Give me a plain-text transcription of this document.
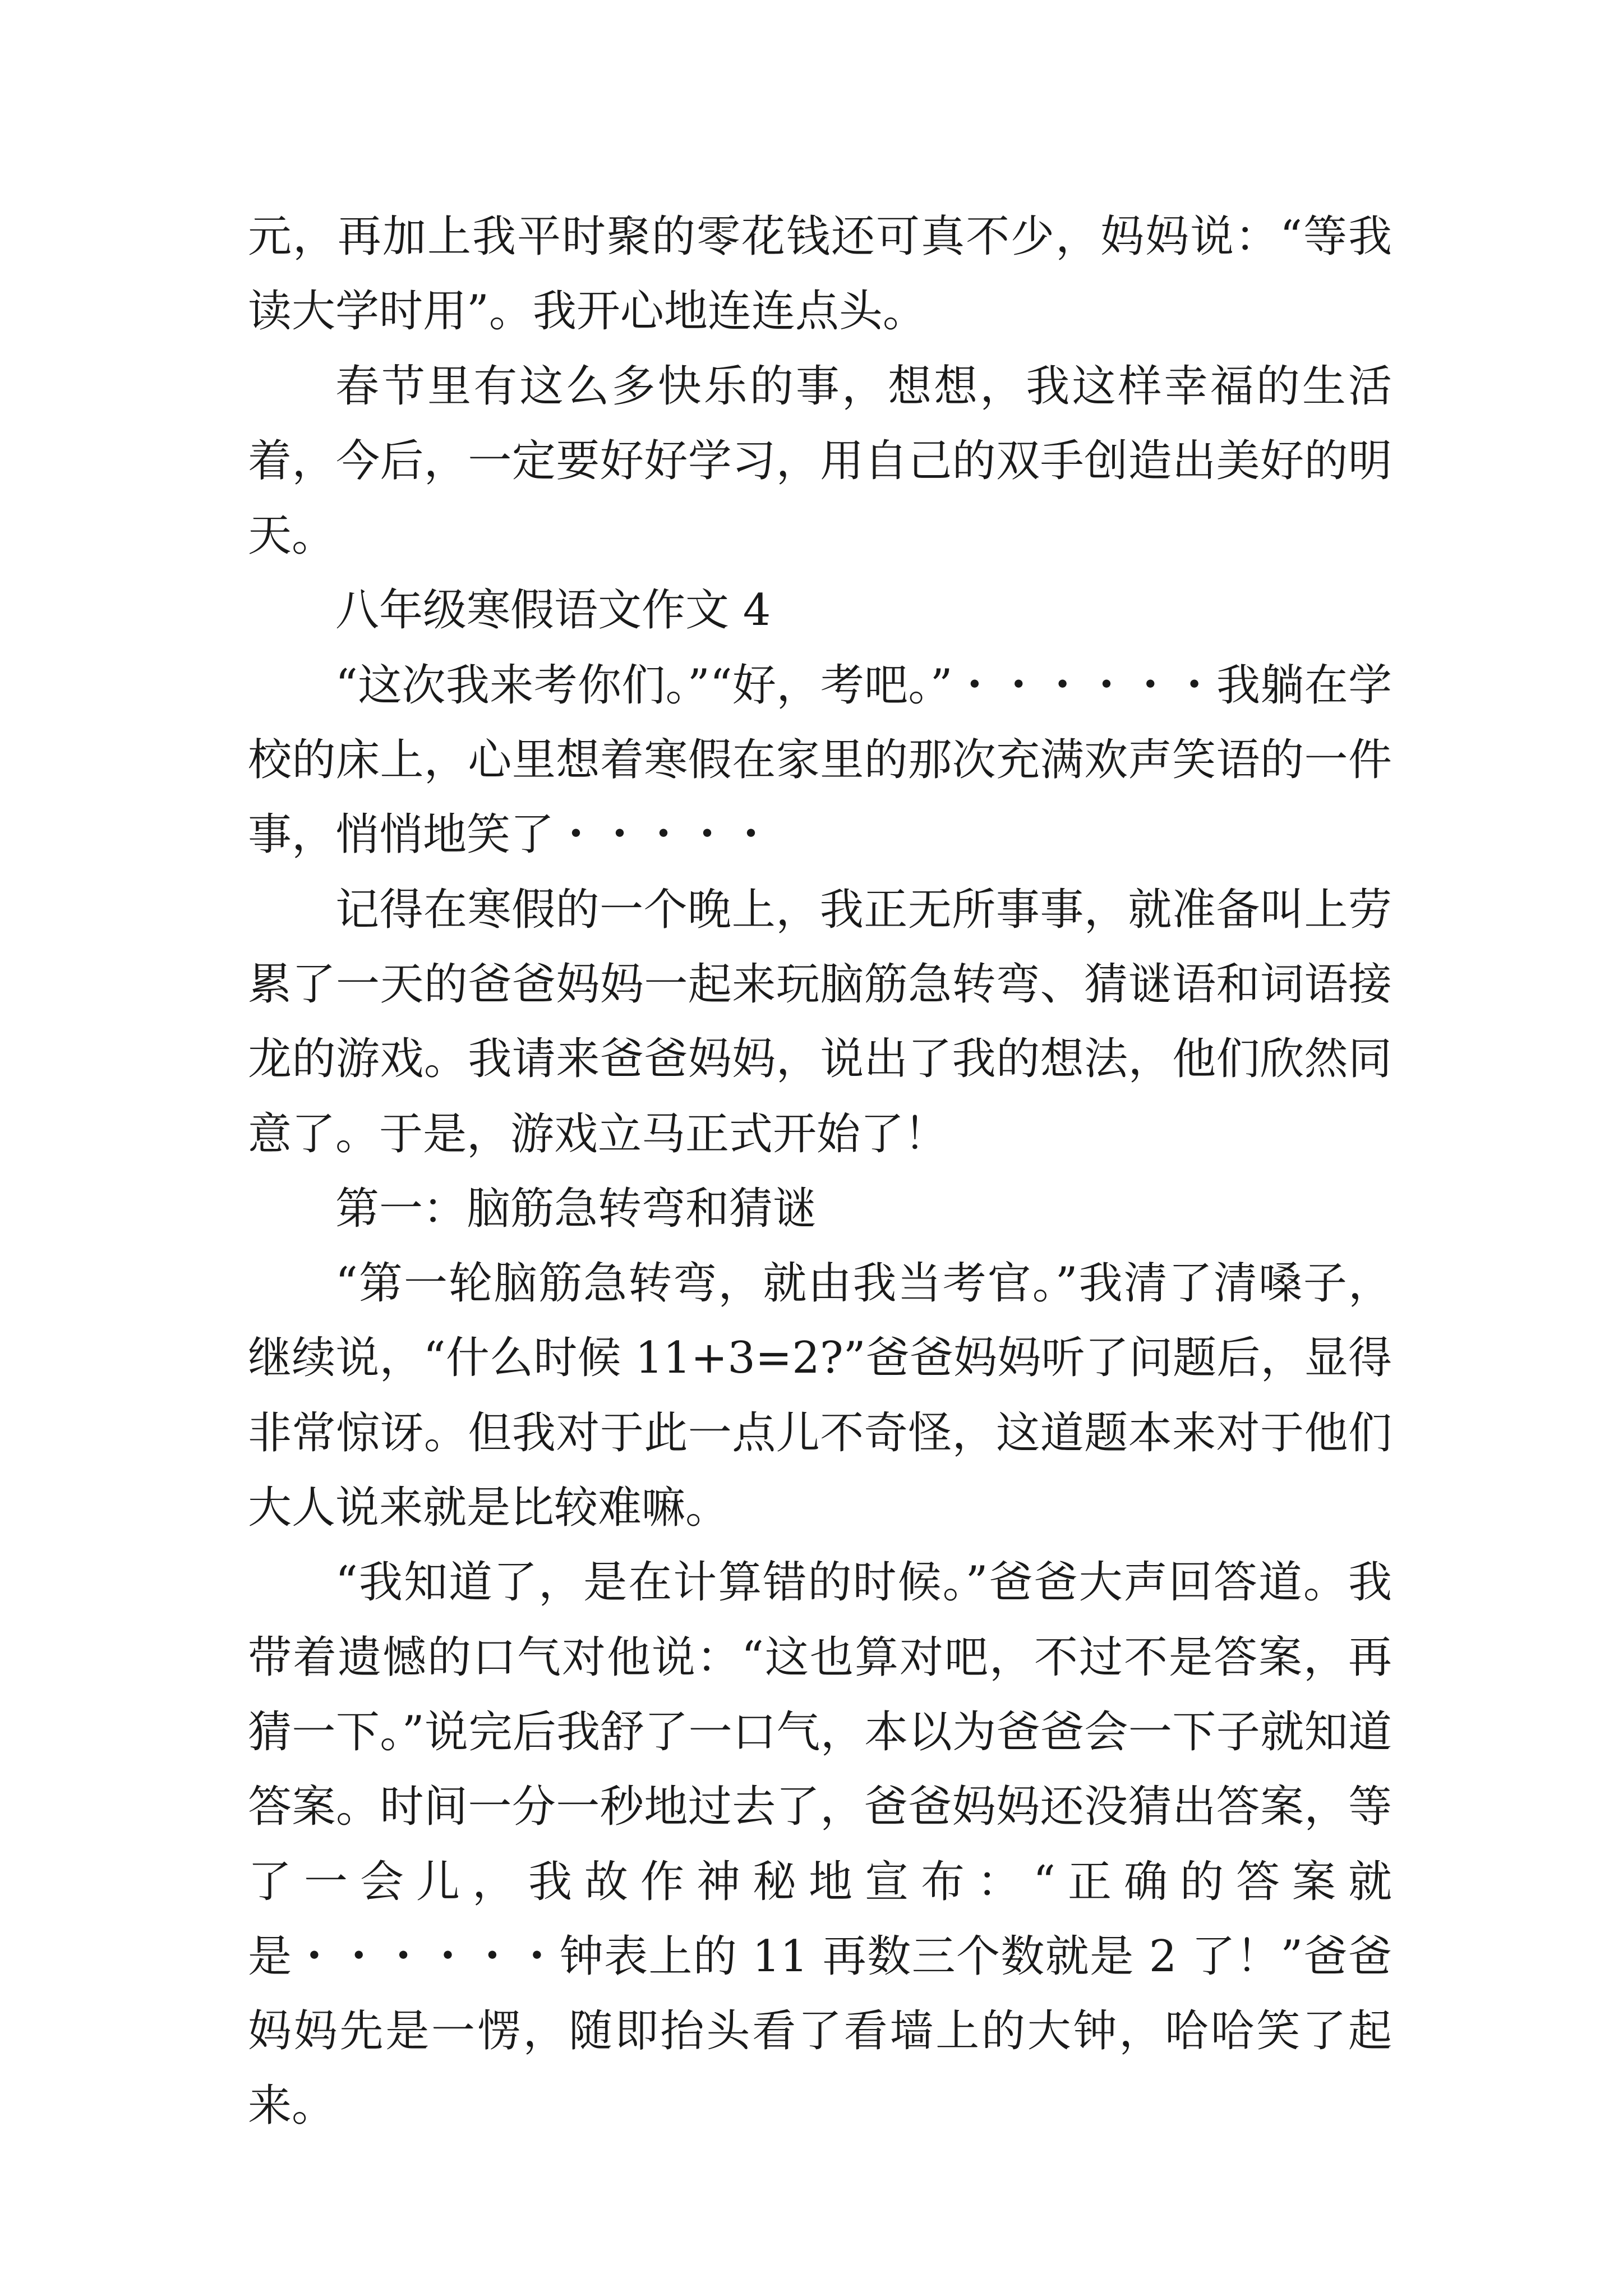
元，再加上我平时聚的零花钱还可真不少，妈妈说：“等我读大学时用”。我开心地连连点头。

春节里有这么多快乐的事，想想，我这样幸福的生活着，今后，一定要好好学习，用自己的双手创造出美好的明天。

八年级寒假语文作文 4

“这次我来考你们。”“好，考吧。”・・・・・・我躺在学校的床上，心里想着寒假在家里的那次充满欢声笑语的一件事，悄悄地笑了・・・・・

记得在寒假的一个晚上，我正无所事事，就准备叫上劳累了一天的爸爸妈妈一起来玩脑筋急转弯、猜谜语和词语接龙的游戏。我请来爸爸妈妈，说出了我的想法，他们欣然同意了。于是，游戏立马正式开始了！

第一：脑筋急转弯和猜谜

“第一轮脑筋急转弯，就由我当考官。”我清了清嗓子，继续说，“什么时候 11+3=2?”爸爸妈妈听了问题后，显得非常惊讶。但我对于此一点儿不奇怪，这道题本来对于他们大人说来就是比较难嘛。

“我知道了，是在计算错的时候。”爸爸大声回答道。我带着遗憾的口气对他说：“这也算对吧，不过不是答案，再猜一下。”说完后我舒了一口气，本以为爸爸会一下子就知道答案。时间一分一秒地过去了，爸爸妈妈还没猜出答案，等了一会儿，我故作神秘地宣布：“正确的答案就是・・・・・・钟表上的 11 再数三个数就是 2 了！”爸爸妈妈先是一愣，随即抬头看了看墙上的大钟，哈哈笑了起来。
